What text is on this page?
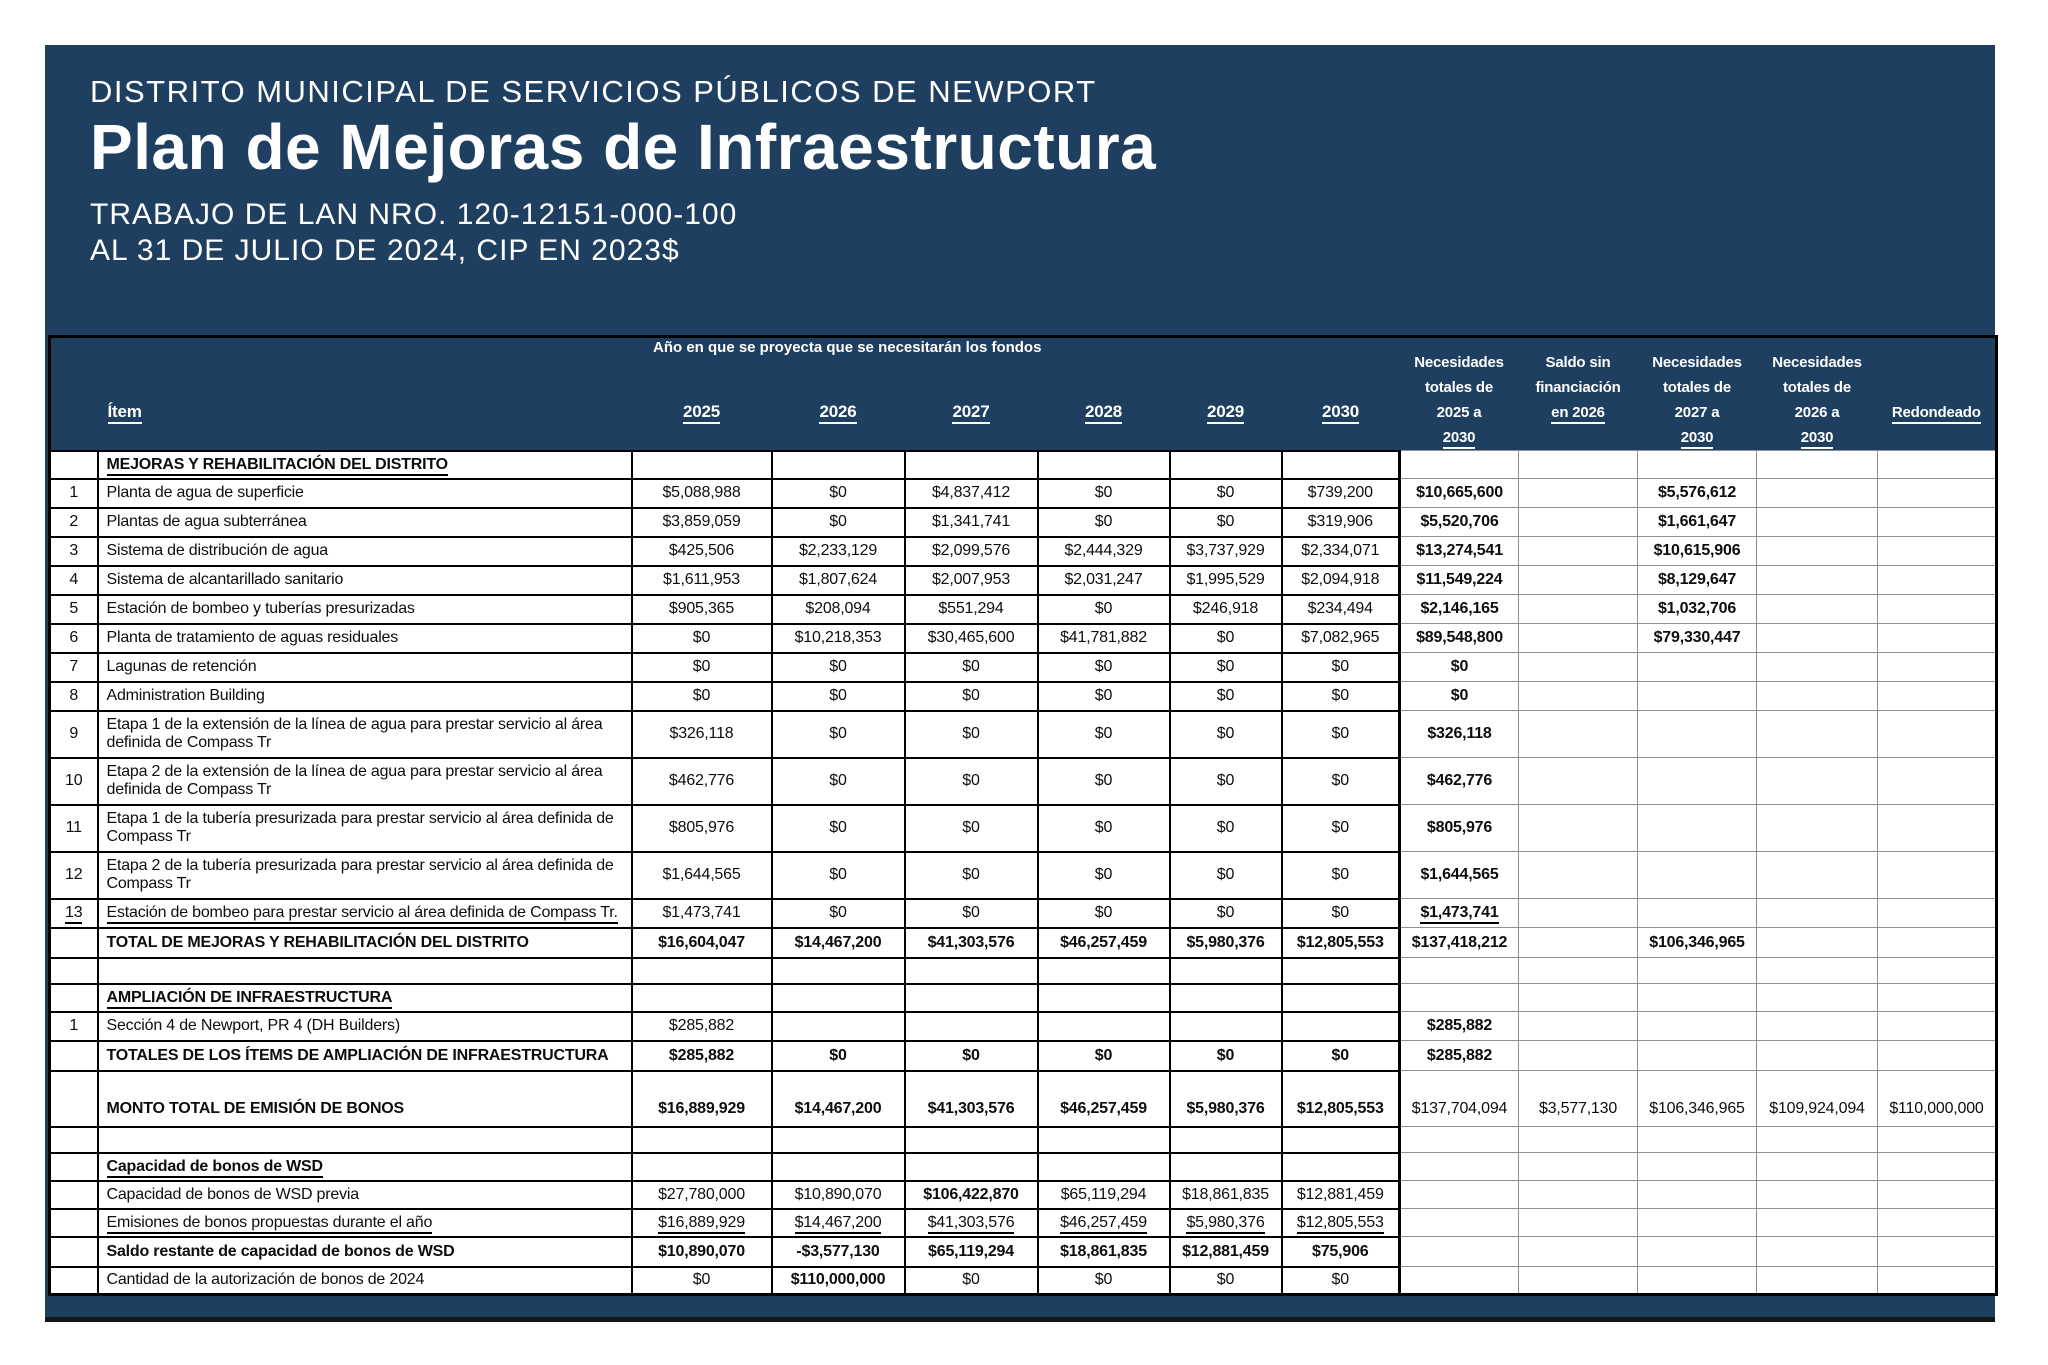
DISTRITO MUNICIPAL DE SERVICIOS PÚBLICOS DE NEWPORT
Plan de Mejoras de Infraestructura
TRABAJO DE LAN NRO. 120-12151-000-100
AL 31 DE JULIO DE 2024, CIP EN 2023$
Año en que se proyecta que se necesitarán los fondos
	Ítem	2025	2026	2027	2028	2029	2030	Necesidades
totales de
2025 a
2030	Saldo sin
financiación
en 2026	Necesidades
totales de
2027 a
2030	Necesidades
totales de
2026 a
2030	Redondeado
	MEJORAS Y REHABILITACIÓN DEL DISTRITO											
1	Planta de agua de superficie	$5,088,988	$0	$4,837,412	$0	$0	$739,200	$10,665,600		$5,576,612		
2	Plantas de agua subterránea	$3,859,059	$0	$1,341,741	$0	$0	$319,906	$5,520,706		$1,661,647		
3	Sistema de distribución de agua	$425,506	$2,233,129	$2,099,576	$2,444,329	$3,737,929	$2,334,071	$13,274,541		$10,615,906		
4	Sistema de alcantarillado sanitario	$1,611,953	$1,807,624	$2,007,953	$2,031,247	$1,995,529	$2,094,918	$11,549,224		$8,129,647		
5	Estación de bombeo y tuberías presurizadas	$905,365	$208,094	$551,294	$0	$246,918	$234,494	$2,146,165		$1,032,706		
6	Planta de tratamiento de aguas residuales	$0	$10,218,353	$30,465,600	$41,781,882	$0	$7,082,965	$89,548,800		$79,330,447		
7	Lagunas de retención	$0	$0	$0	$0	$0	$0	$0				
8	Administration Building	$0	$0	$0	$0	$0	$0	$0				
9	Etapa 1 de la extensión de la línea de agua para prestar servicio al área definida de Compass Tr	$326,118	$0	$0	$0	$0	$0	$326,118				
10	Etapa 2 de la extensión de la línea de agua para prestar servicio al área definida de Compass Tr	$462,776	$0	$0	$0	$0	$0	$462,776				
11	Etapa 1 de la tubería presurizada para prestar servicio al área definida de Compass Tr	$805,976	$0	$0	$0	$0	$0	$805,976				
12	Etapa 2 de la tubería presurizada para prestar servicio al área definida de Compass Tr	$1,644,565	$0	$0	$0	$0	$0	$1,644,565				
13	Estación de bombeo para prestar servicio al área definida de Compass Tr.	$1,473,741	$0	$0	$0	$0	$0	$1,473,741				
	TOTAL DE MEJORAS Y REHABILITACIÓN DEL DISTRITO	$16,604,047	$14,467,200	$41,303,576	$46,257,459	$5,980,376	$12,805,553	$137,418,212		$106,346,965		

	AMPLIACIÓN DE INFRAESTRUCTURA											
1	Sección 4 de Newport, PR 4 (DH Builders)	$285,882						$285,882				
	TOTALES DE LOS ÍTEMS DE AMPLIACIÓN DE INFRAESTRUCTURA	$285,882	$0	$0	$0	$0	$0	$285,882				
	MONTO TOTAL DE EMISIÓN DE BONOS	$16,889,929	$14,467,200	$41,303,576	$46,257,459	$5,980,376	$12,805,553	$137,704,094	$3,577,130	$106,346,965	$109,924,094	$110,000,000

	Capacidad de bonos de WSD											
	Capacidad de bonos de WSD previa	$27,780,000	$10,890,070	$106,422,870	$65,119,294	$18,861,835	$12,881,459					
	Emisiones de bonos propuestas durante el año	$16,889,929	$14,467,200	$41,303,576	$46,257,459	$5,980,376	$12,805,553					
	Saldo restante de capacidad de bonos de WSD	$10,890,070	-$3,577,130	$65,119,294	$18,861,835	$12,881,459	$75,906					
	Cantidad de la autorización de bonos de 2024	$0	$110,000,000	$0	$0	$0	$0					
